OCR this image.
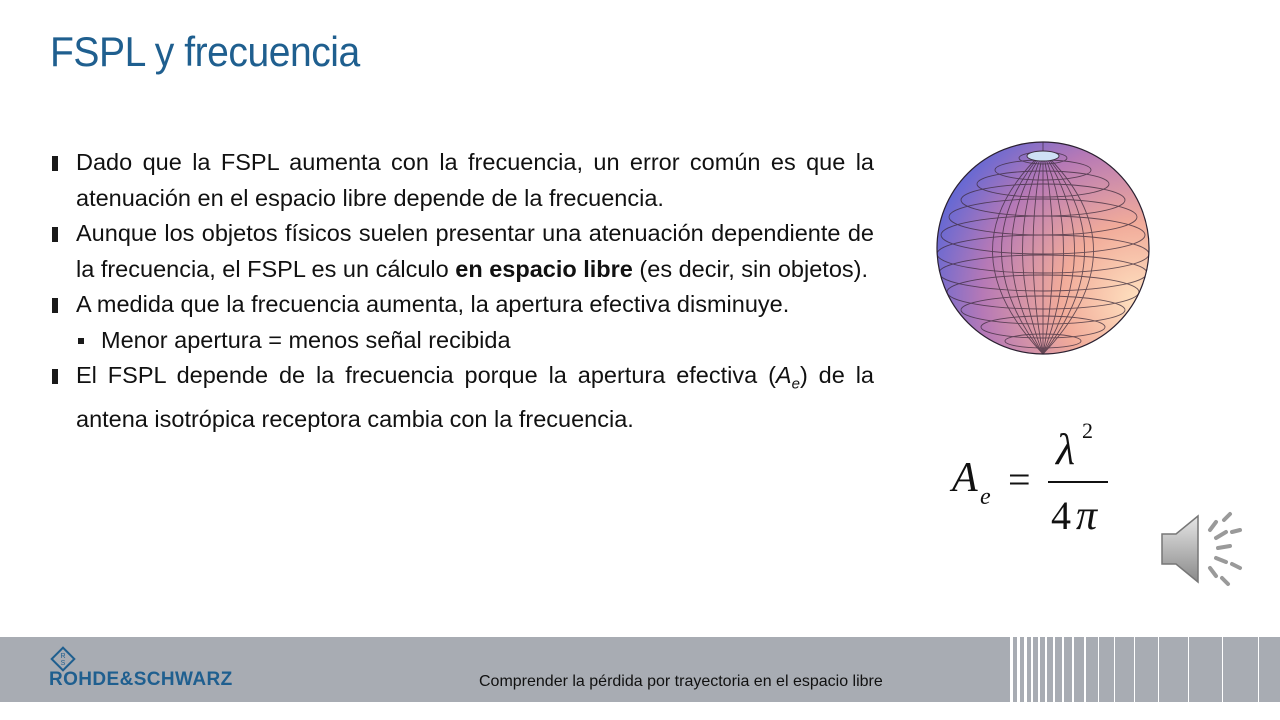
FSPL y frecuencia
Dado que la FSPL aumenta con la frecuencia, un error común es que la atenuación en el espacio libre depende de la frecuencia.
Aunque los objetos físicos suelen presentar una atenuación dependiente de la frecuencia, el FSPL es un cálculo en espacio libre (es decir, sin objetos).
A medida que la frecuencia aumenta, la apertura efectiva disminuye.
Menor apertura = menos señal recibida
El FSPL depende de la frecuencia porque la apertura efectiva $(A_e)$ de la antena isotrópica receptora cambia con la frecuencia.
A e =
λ 2
4 π
R
S
ROHDE&SCHWARZ	Comprender la pérdida por trayectoria en el espacio libre
